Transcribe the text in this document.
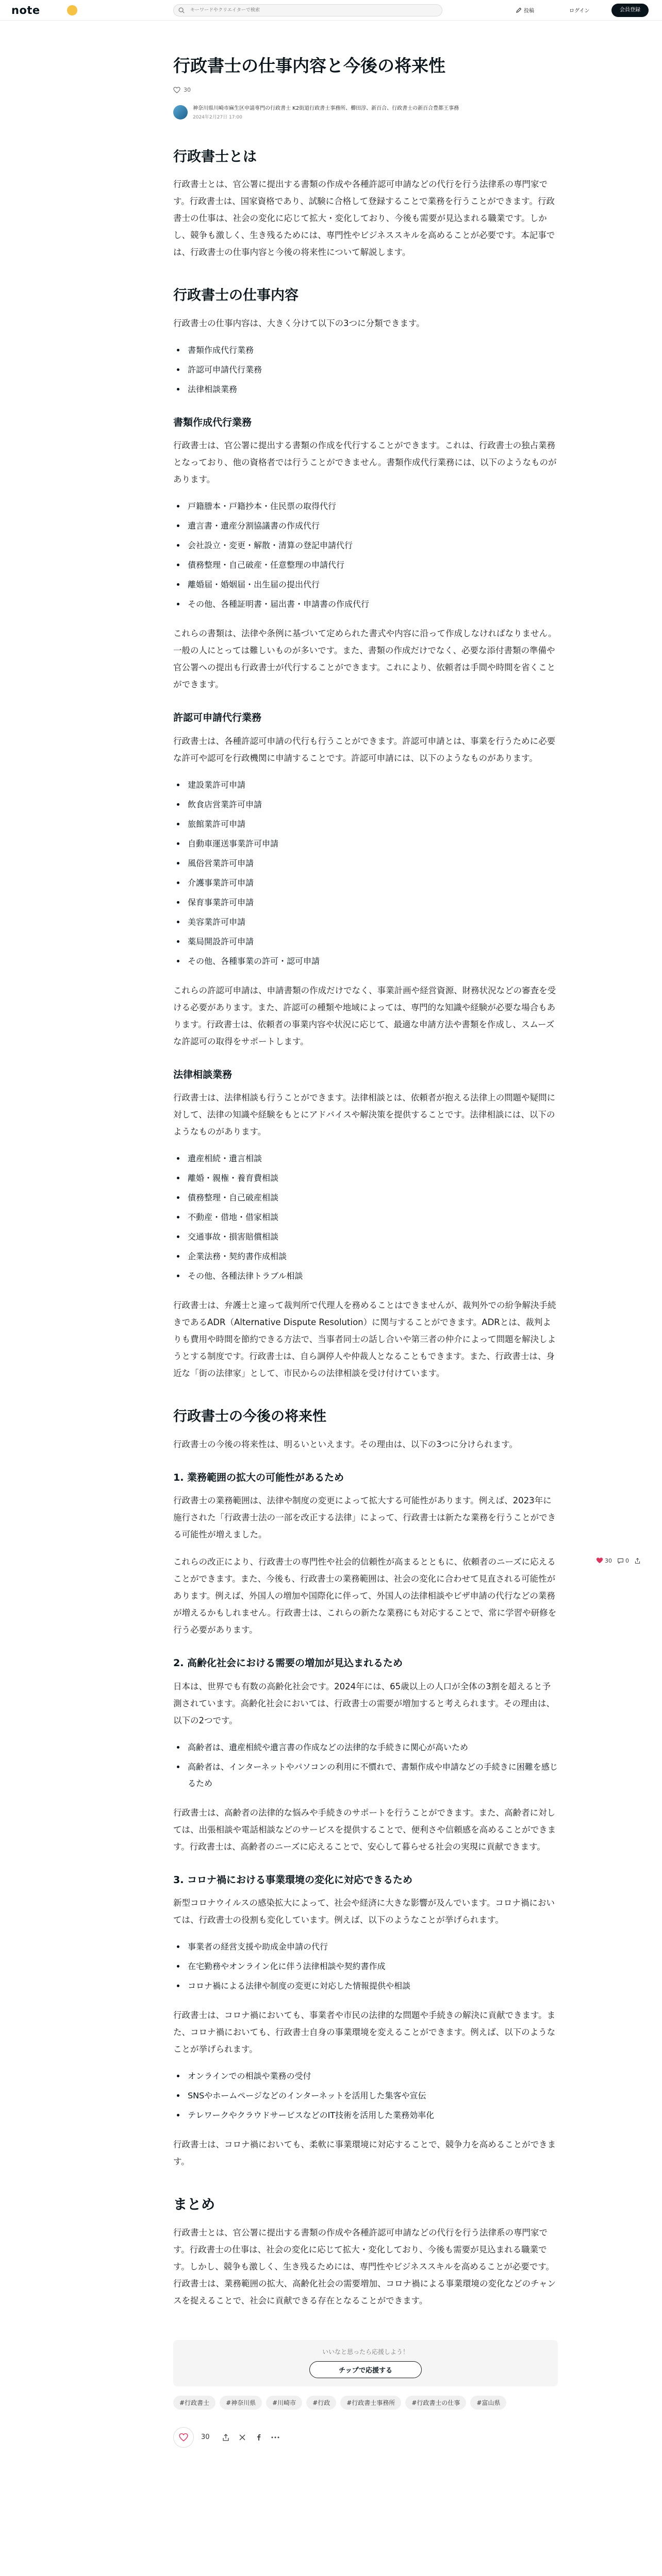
note
キーワードやクリエイターで検索	投稿	ログイン	会員登録
行政書士の仕事内容と今後の将来性
30
神奈川県川崎市麻生区申請専門の行政書士 K2街道行政書士事務所、櫛田淳、新百合、行政書士の新百合豊都王事務
2024年2月27日 17:00
行政書士とは

行政書士とは、官公署に提出する書類の作成や各種許認可申請などの代行を行う法律系の専門家です。行政書士は、国家資格であり、試験に合格して登録することで業務を行うことができます。行政書士の仕事は、社会の変化に応じて拡大・変化しており、今後も需要が見込まれる職業です。しかし、競争も激しく、生き残るためには、専門性やビジネススキルを高めることが必要です。本記事では、行政書士の仕事内容と今後の将来性について解説します。

行政書士の仕事内容

行政書士の仕事内容は、大きく分けて以下の3つに分類できます。

• 書類作成代行業務
• 許認可申請代行業務
• 法律相談業務
書類作成代行業務

行政書士は、官公署に提出する書類の作成を代行することができます。これは、行政書士の独占業務となっており、他の資格者では行うことができません。書類作成代行業務には、以下のようなものがあります。

• 戸籍謄本・戸籍抄本・住民票の取得代行
• 遺言書・遺産分割協議書の作成代行
• 会社設立・変更・解散・清算の登記申請代行
• 債務整理・自己破産・任意整理の申請代行
• 離婚届・婚姻届・出生届の提出代行
• その他、各種証明書・届出書・申請書の作成代行

これらの書類は、法律や条例に基づいて定められた書式や内容に沿って作成しなければなりません。一般の人にとっては難しいものが多いです。また、書類の作成だけでなく、必要な添付書類の準備や官公署への提出も行政書士が代行することができます。これにより、依頼者は手間や時間を省くことができます。

許認可申請代行業務

行政書士は、各種許認可申請の代行も行うことができます。許認可申請とは、事業を行うために必要な許可や認可を行政機関に申請することです。許認可申請には、以下のようなものがあります。

• 建設業許可申請
• 飲食店営業許可申請
• 旅館業許可申請
• 自動車運送事業許可申請
• 風俗営業許可申請
• 介護事業許可申請
• 保育事業許可申請
• 美容業許可申請
• 薬局開設許可申請
• その他、各種事業の許可・認可申請

これらの許認可申請は、申請書類の作成だけでなく、事業計画や経営資源、財務状況などの審査を受ける必要があります。また、許認可の種類や地域によっては、専門的な知識や経験が必要な場合もあります。行政書士は、依頼者の事業内容や状況に応じて、最適な申請方法や書類を作成し、スムーズな許認可の取得をサポートします。

法律相談業務

行政書士は、法律相談も行うことができます。法律相談とは、依頼者が抱える法律上の問題や疑問に対して、法律の知識や経験をもとにアドバイスや解決策を提供することです。法律相談には、以下のようなものがあります。

• 遺産相続・遺言相談
• 離婚・親権・養育費相談
• 債務整理・自己破産相談
• 不動産・借地・借家相談
• 交通事故・損害賠償相談
• 企業法務・契約書作成相談
• その他、各種法律トラブル相談

行政書士は、弁護士と違って裁判所で代理人を務めることはできませんが、裁判外での紛争解決手続きであるADR（Alternative Dispute Resolution）に関与することができます。ADRとは、裁判よりも費用や時間を節約できる方法で、当事者同士の話し合いや第三者の仲介によって問題を解決しようとする制度です。行政書士は、自ら調停人や仲裁人となることもできます。また、行政書士は、身近な「街の法律家」として、市民からの法律相談を受け付けています。

行政書士の今後の将来性

行政書士の今後の将来性は、明るいといえます。その理由は、以下の3つに分けられます。

1. 業務範囲の拡大の可能性があるため

行政書士の業務範囲は、法律や制度の変更によって拡大する可能性があります。例えば、2023年に施行された「行政書士法の一部を改正する法律」によって、行政書士は新たな業務を行うことができる可能性が増えました。

これらの改正により、行政書士の専門性や社会的信頼性が高まるとともに、依頼者のニーズに応えることができます。また、今後も、行政書士の業務範囲は、社会の変化に合わせて見直される可能性があります。例えば、外国人の増加や国際化に伴って、外国人の法律相談やビザ申請の代行などの業務が増えるかもしれません。行政書士は、これらの新たな業務にも対応することで、常に学習や研修を行う必要があります。

2. 高齢化社会における需要の増加が見込まれるため

日本は、世界でも有数の高齢化社会です。2024年には、65歳以上の人口が全体の3割を超えると予測されています。高齢化社会においては、行政書士の需要が増加すると考えられます。その理由は、以下の2つです。

• 高齢者は、遺産相続や遺言書の作成などの法律的な手続きに関心が高いため
• 高齢者は、インターネットやパソコンの利用に不慣れで、書類作成や申請などの手続きに困難を感じるため

行政書士は、高齢者の法律的な悩みや手続きのサポートを行うことができます。また、高齢者に対しては、出張相談や電話相談などのサービスを提供することで、便利さや信頼感を高めることができます。行政書士は、高齢者のニーズに応えることで、安心して暮らせる社会の実現に貢献できます。

3. コロナ禍における事業環境の変化に対応できるため

新型コロナウイルスの感染拡大によって、社会や経済に大きな影響が及んでいます。コロナ禍においては、行政書士の役割も変化しています。例えば、以下のようなことが挙げられます。

• 事業者の経営支援や助成金申請の代行
• 在宅勤務やオンライン化に伴う法律相談や契約書作成
• コロナ禍による法律や制度の変更に対応した情報提供や相談

行政書士は、コロナ禍においても、事業者や市民の法律的な問題や手続きの解決に貢献できます。また、コロナ禍においても、行政書士自身の事業環境を変えることができます。例えば、以下のようなことが挙げられます。

• オンラインでの相談や業務の受付
• SNSやホームページなどのインターネットを活用した集客や宣伝
• テレワークやクラウドサービスなどのIT技術を活用した業務効率化

行政書士は、コロナ禍においても、柔軟に事業環境に対応することで、競争力を高めることができます。

まとめ

行政書士とは、官公署に提出する書類の作成や各種許認可申請などの代行を行う法律系の専門家です。行政書士の仕事は、社会の変化に応じて拡大・変化しており、今後も需要が見込まれる職業です。しかし、競争も激しく、生き残るためには、専門性やビジネススキルを高めることが必要です。行政書士は、業務範囲の拡大、高齢化社会の需要増加、コロナ禍による事業環境の変化などのチャンスを捉えることで、社会に貢献できる存在となることができます。

いいなと思ったら応援しよう！
チップで応援する
#行政書士	#神奈川県	#川崎市	#行政	#行政書士事務所	#行政書士の仕事	#富山県
30
30 0
